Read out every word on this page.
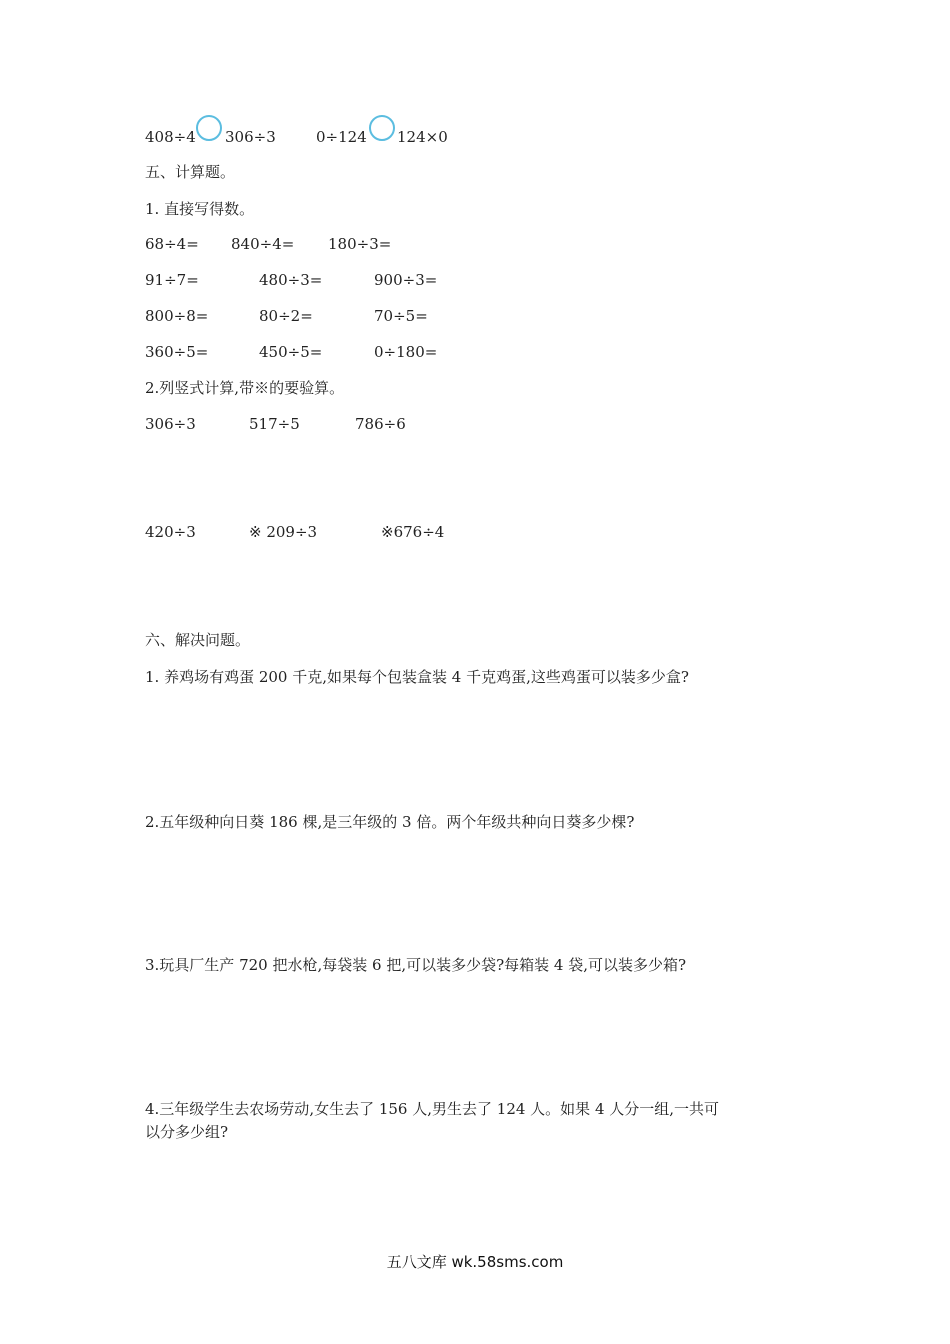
408÷4 306÷3	0÷124 124×0
五、计算题。
1. 直接写得数。
68÷4= 840÷4= 180÷3=
91÷7=	480÷3=	900÷3=
800÷8=	80÷2=	70÷5=
360÷5=	450÷5=	0÷180=
2.列竖式计算,带※的要验算。
306÷3	517÷5	786÷6
420÷3	※ 209÷3	※676÷4
六、解决问题。
1. 养鸡场有鸡蛋 200 千克,如果每个包装盒装 4 千克鸡蛋,这些鸡蛋可以装多少盒?
2.五年级种向日葵 186 棵,是三年级的 3 倍。两个年级共种向日葵多少棵?
3.玩具厂生产 720 把水枪,每袋装 6 把,可以装多少袋?每箱装 4 袋,可以装多少箱?
4.三年级学生去农场劳动,女生去了 156 人,男生去了 124 人。如果 4 人分一组,一共可
以分多少组?
五八文库 wk.58sms.com
